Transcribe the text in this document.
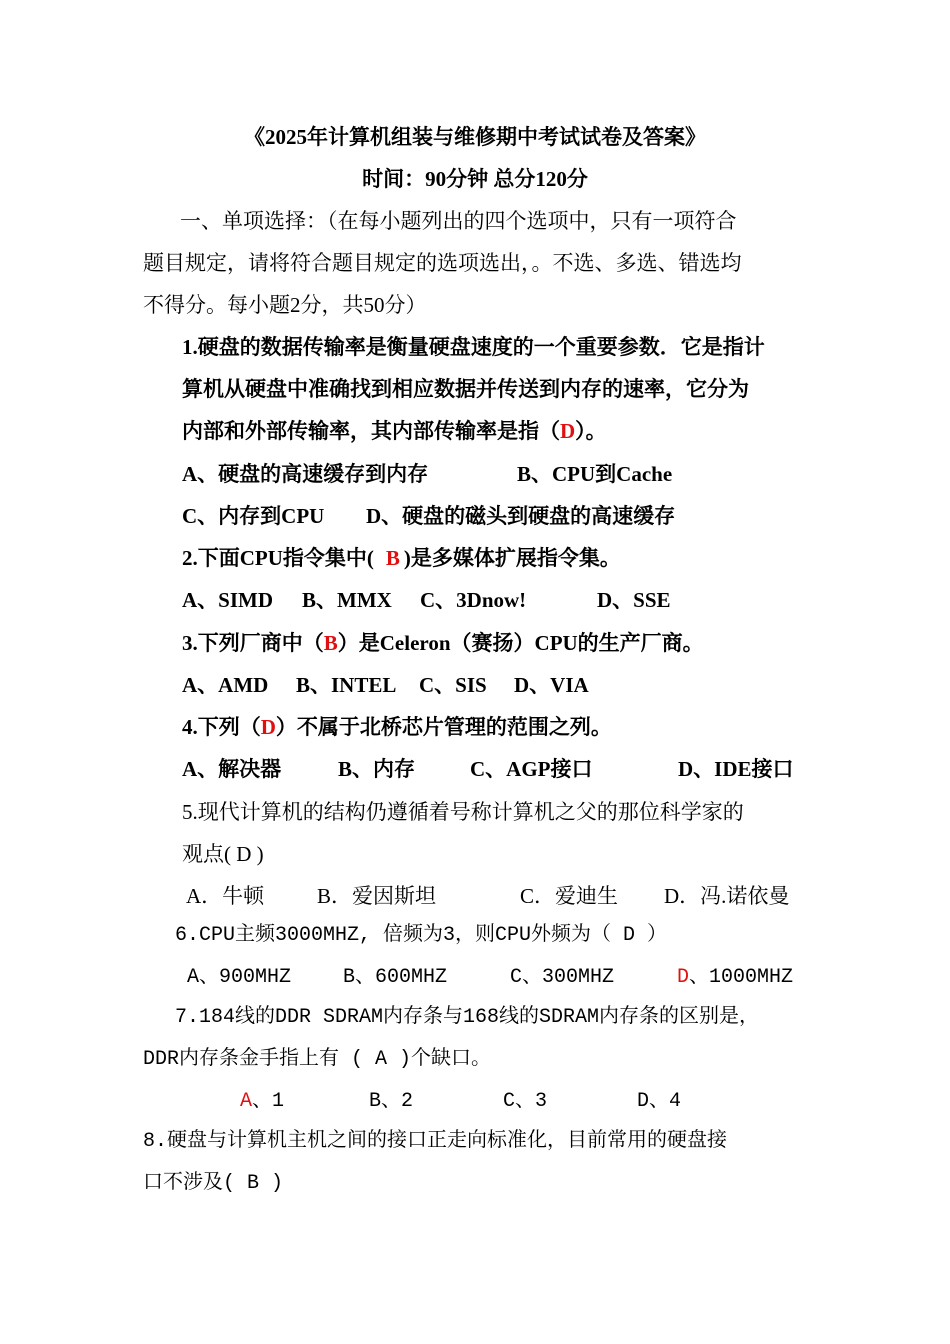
《2025年计算机组装与维修期中考试试卷及答案》
时间：90分钟 总分120分
一、单项选择：（在每小题列出的四个选项中，只有一项符合
题目规定，请将符合题目规定的选项选出，。不选、多选、错选均
不得分。每小题2分，共50分）
1.硬盘的数据传输率是衡量硬盘速度的一个重要参数．它是指计
算机从硬盘中准确找到相应数据并传送到内存的速率，它分为
内部和外部传输率，其内部传输率是指（D）。
A、硬盘的高速缓存到内存	B、CPU到Cache
C、内存到CPU D、硬盘的磁头到硬盘的高速缓存
2.下面CPU指令集中( B )是多媒体扩展指令集。
A、SIMD B、MMX C、3Dnow!	D、SSE
3.下列厂商中（B）是Celeron（赛扬）CPU的生产厂商。
A、AMD B、INTEL C、SIS D、VIA
4.下列（D）不属于北桥芯片管理的范围之列。
A、解决器	B、内存	C、AGP接口	D、IDE接口
5.现代计算机的结构仍遵循着号称计算机之父的那位科学家的
观点( D )
A．牛顿	B．爱因斯坦	C．爱迪生 D．冯.诺依曼
6.CPU主频3000MHZ, 倍频为3，则CPU外频为（ D ）
A、900MHZ	B、600MHZ	C、300MHZ	D、1000MHZ
7.184线的DDR SDRAM内存条与168线的SDRAM内存条的区别是，
DDR内存条金手指上有 ( A )个缺口。
A、1	B、2	C、3	D、4
8.硬盘与计算机主机之间的接口正走向标准化，目前常用的硬盘接
口不涉及( B )
